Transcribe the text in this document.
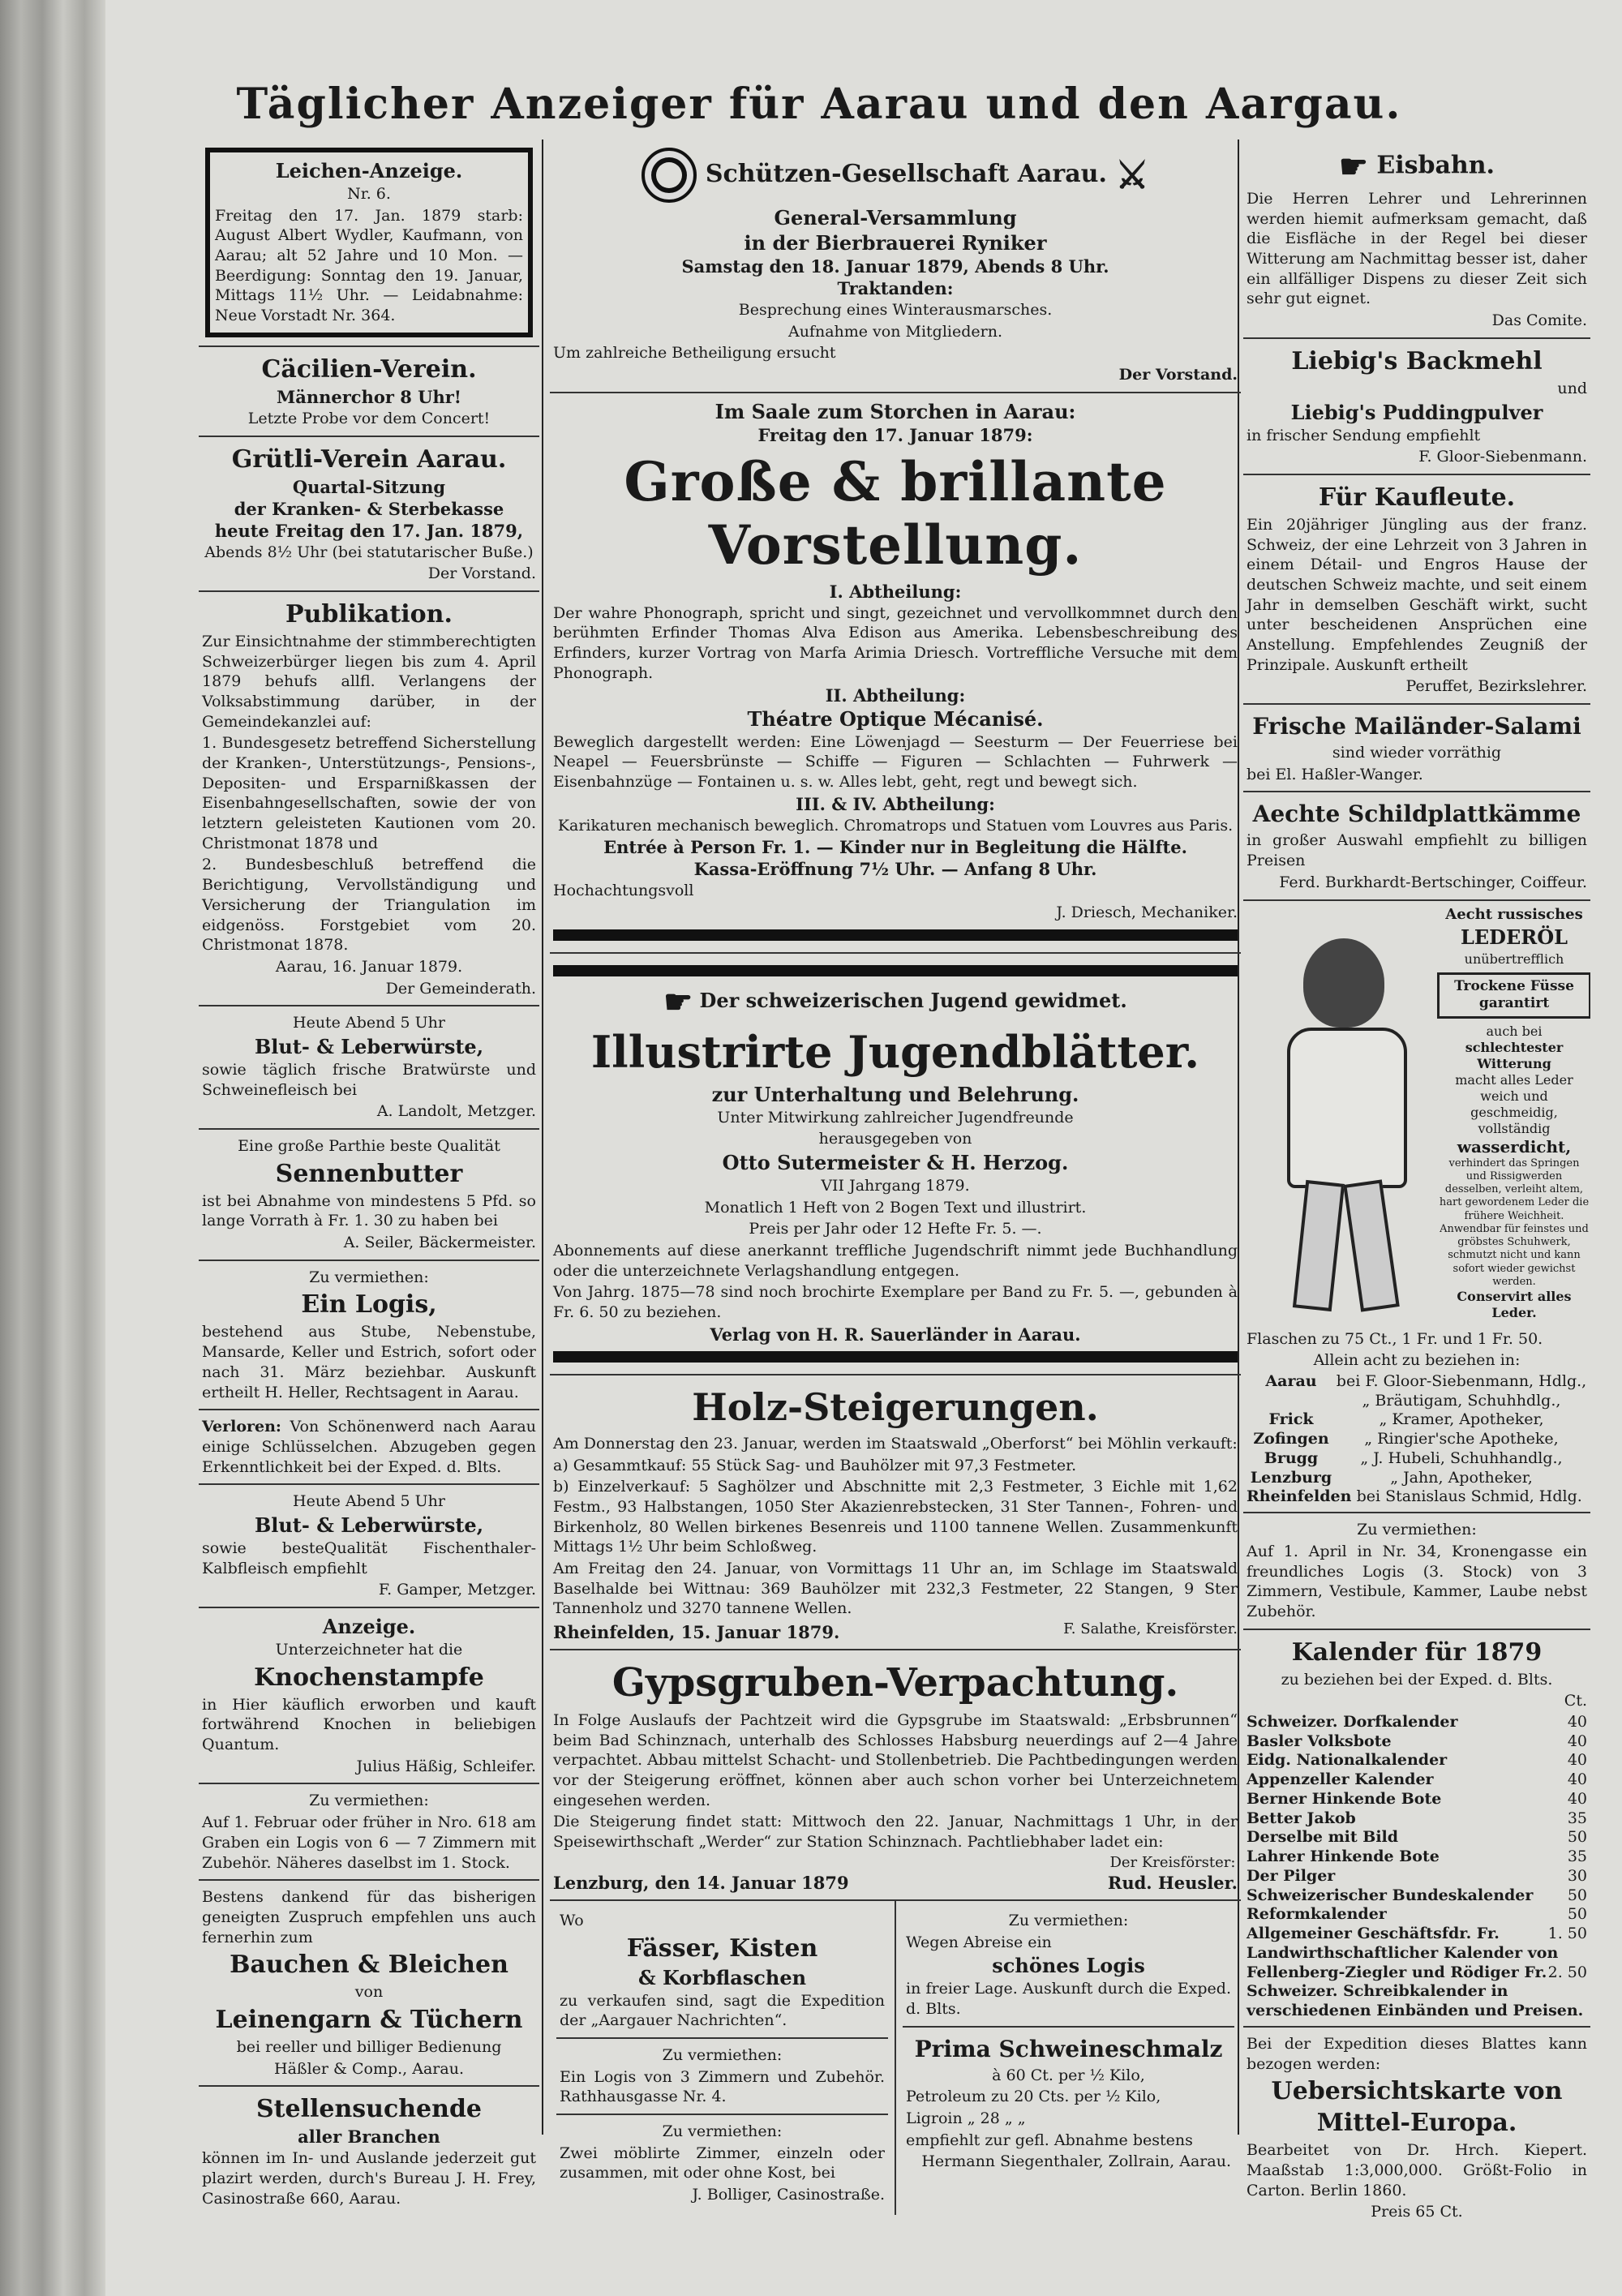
Täglicher Anzeiger für Aarau und den Aargau.
Leichen-Anzeige.

Nr. 6.

Freitag den 17. Jan. 1879 starb: August Albert Wydler, Kaufmann, von Aarau; alt 52 Jahre und 10 Mon. — Beerdigung: Sonntag den 19. Januar, Mittags 11½ Uhr. — Leidabnahme: Neue Vorstadt Nr. 364.

Cäcilien-Verein.
Männerchor 8 Uhr!

Letzte Probe vor dem Concert!

Grütli-Verein Aarau.
Quartal-Sitzung
der Kranken- & Sterbekasse
heute Freitag den 17. Jan. 1879,

Abends 8½ Uhr (bei statutarischer Buße.)

Der Vorstand.

Publikation.

Zur Einsichtnahme der stimmberechtigten Schweizerbürger liegen bis zum 4. April 1879 behufs allfl. Verlangens der Volksabstimmung darüber, in der Gemeindekanzlei auf:

1. Bundesgesetz betreffend Sicherstellung der Kranken-, Unterstützungs-, Pensions-, Depositen- und Ersparnißkassen der Eisenbahngesellschaften, sowie der von letztern geleisteten Kautionen vom 20. Christmonat 1878 und

2. Bundesbeschluß betreffend die Berichtigung, Vervollständigung und Versicherung der Triangulation im eidgenöss. Forstgebiet vom 20. Christmonat 1878.

Aarau, 16. Januar 1879.

Der Gemeinderath.

Heute Abend 5 Uhr

Blut- & Leberwürste,

sowie täglich frische Bratwürste und Schweinefleisch bei

A. Landolt, Metzger.

Eine große Parthie beste Qualität

Sennenbutter

ist bei Abnahme von mindestens 5 Pfd. so lange Vorrath à Fr. 1. 30 zu haben bei

A. Seiler, Bäckermeister.

Zu vermiethen:

Ein Logis,

bestehend aus Stube, Nebenstube, Mansarde, Keller und Estrich, sofort oder nach 31. März beziehbar. Auskunft ertheilt H. Heller, Rechtsagent in Aarau.

Verloren: Von Schönenwerd nach Aarau einige Schlüsselchen. Abzugeben gegen Erkenntlichkeit bei der Exped. d. Blts.

Heute Abend 5 Uhr

Blut- & Leberwürste,

sowie besteQualität Fischenthaler-Kalbfleisch empfiehlt

F. Gamper, Metzger.

Anzeige.

Unterzeichneter hat die

Knochenstampfe

in Hier käuflich erworben und kauft fortwährend Knochen in beliebigen Quantum.

Julius Häßig, Schleifer.

Zu vermiethen:

Auf 1. Februar oder früher in Nro. 618 am Graben ein Logis von 6 — 7 Zimmern mit Zubehör. Näheres daselbst im 1. Stock.

Bestens dankend für das bisherigen geneigten Zuspruch empfehlen uns auch fernerhin zum

Bauchen & Bleichen

von

Leinengarn & Tüchern

bei reeller und billiger Bedienung

Häßler & Comp., Aarau.

Stellensuchende
aller Branchen

können im In- und Auslande jederzeit gut plazirt werden, durch's Bureau J. H. Frey, Casinostraße 660, Aarau.

Schützen-Gesellschaft Aarau. ⚔
General-Versammlung
in der Bierbrauerei Ryniker
Samstag den 18. Januar 1879, Abends 8 Uhr.
Traktanden:

Besprechung eines Winterausmarsches.

Aufnahme von Mitgliedern.

Um zahlreiche Betheiligung ersucht

Der Vorstand.

Im Saale zum Storchen in Aarau:
Freitag den 17. Januar 1879:
Große & brillante Vorstellung.
I. Abtheilung:

Der wahre Phonograph, spricht und singt, gezeichnet und vervollkommnet durch den berühmten Erfinder Thomas Alva Edison aus Amerika. Lebensbeschreibung des Erfinders, kurzer Vortrag von Marfa Arimia Driesch. Vortreffliche Versuche mit dem Phonograph.

II. Abtheilung:
Théatre Optique Mécanisé.

Beweglich dargestellt werden: Eine Löwenjagd — Seesturm — Der Feuerriese bei Neapel — Feuersbrünste — Schiffe — Figuren — Schlachten — Fuhrwerk — Eisenbahnzüge — Fontainen u. s. w. Alles lebt, geht, regt und bewegt sich.

III. & IV. Abtheilung:

Karikaturen mechanisch beweglich. Chromatrops und Statuen vom Louvres aus Paris.

Entrée à Person Fr. 1. — Kinder nur in Begleitung die Hälfte.
Kassa-Eröffnung 7½ Uhr. — Anfang 8 Uhr.

Hochachtungsvoll

J. Driesch, Mechaniker.

☛ Der schweizerischen Jugend gewidmet.
Illustrirte Jugendblätter.
zur Unterhaltung und Belehrung.

Unter Mitwirkung zahlreicher Jugendfreunde

herausgegeben von

Otto Sutermeister & H. Herzog.

VII Jahrgang 1879.

Monatlich 1 Heft von 2 Bogen Text und illustrirt.

Preis per Jahr oder 12 Hefte Fr. 5. —.

Abonnements auf diese anerkannt treffliche Jugendschrift nimmt jede Buchhandlung oder die unterzeichnete Verlagshandlung entgegen.

Von Jahrg. 1875—78 sind noch brochirte Exemplare per Band zu Fr. 5. —, gebunden à Fr. 6. 50 zu beziehen.

Verlag von H. R. Sauerländer in Aarau.
Holz-Steigerungen.

Am Donnerstag den 23. Januar, werden im Staatswald „Oberforst“ bei Möhlin verkauft:

a) Gesammtkauf: 55 Stück Sag- und Bauhölzer mit 97,3 Festmeter.

b) Einzelverkauf: 5 Saghölzer und Abschnitte mit 2,3 Festmeter, 3 Eichle mit 1,62 Festm., 93 Halbstangen, 1050 Ster Akazienrebstecken, 31 Ster Tannen-, Fohren- und Birkenholz, 80 Wellen birkenes Besenreis und 1100 tannene Wellen. Zusammenkunft Mittags 1½ Uhr beim Schloßweg.

Am Freitag den 24. Januar, von Vormittags 11 Uhr an, im Schlage im Staatswald Baselhalde bei Wittnau: 369 Bauhölzer mit 232,3 Festmeter, 22 Stangen, 9 Ster Tannenholz und 3270 tannene Wellen.

Rheinfelden, 15. Januar 1879.	F. Salathe, Kreisförster.
Gypsgruben-Verpachtung.

In Folge Auslaufs der Pachtzeit wird die Gypsgrube im Staatswald: „Erbsbrunnen“ beim Bad Schinznach, unterhalb des Schlosses Habsburg neuerdings auf 2—4 Jahre verpachtet. Abbau mittelst Schacht- und Stollenbetrieb. Die Pachtbedingungen werden vor der Steigerung eröffnet, können aber auch schon vorher bei Unterzeichnetem eingesehen werden.

Die Steigerung findet statt: Mittwoch den 22. Januar, Nachmittags 1 Uhr, in der Speisewirthschaft „Werder“ zur Station Schinznach. Pachtliebhaber ladet ein:

Lenzburg, den 14. Januar 1879
Der Kreisförster:
Rud. Heusler.

Wo

Fässer, Kisten
& Korbflaschen

zu verkaufen sind, sagt die Expedition der „Aargauer Nachrichten“.

Zu vermiethen:

Ein Logis von 3 Zimmern und Zubehör. Rathhausgasse Nr. 4.

Zu vermiethen:

Zwei möblirte Zimmer, einzeln oder zusammen, mit oder ohne Kost, bei

J. Bolliger, Casinostraße.

Zu vermiethen:

Wegen Abreise ein

schönes Logis

in freier Lage. Auskunft durch die Exped. d. Blts.

Prima Schweineschmalz

à 60 Ct. per ½ Kilo,

Petroleum zu 20 Cts. per ½ Kilo,

Ligroin „ 28 „ „

empfiehlt zur gefl. Abnahme bestens

Hermann Siegenthaler, Zollrain, Aarau.

☛ Eisbahn.

Die Herren Lehrer und Lehrerinnen werden hiemit aufmerksam gemacht, daß die Eisfläche in der Regel bei dieser Witterung am Nachmittag besser ist, daher ein allfälliger Dispens zu dieser Zeit sich sehr gut eignet.

Das Comite.

Liebig's Backmehl

und

Liebig's Puddingpulver

in frischer Sendung empfiehlt

F. Gloor-Siebenmann.

Für Kaufleute.

Ein 20jähriger Jüngling aus der franz. Schweiz, der eine Lehrzeit von 3 Jahren in einem Détail- und Engros Hause der deutschen Schweiz machte, und seit einem Jahr in demselben Geschäft wirkt, sucht unter bescheidenen Ansprüchen eine Anstellung. Empfehlendes Zeugniß der Prinzipale. Auskunft ertheilt

Peruffet, Bezirkslehrer.

Frische Mailänder-Salami

sind wieder vorräthig

bei El. Haßler-Wanger.

Aechte Schildplattkämme

in großer Auswahl empfiehlt zu billigen Preisen

Ferd. Burkhardt-Bertschinger, Coiffeur.

Aecht russisches
LEDERÖL
unübertrefflich
Trockene Füsse garantirt
auch bei
schlechtester Witterung
macht alles Leder weich und geschmeidig, vollständig
wasserdicht,
verhindert das Springen und Rissigwerden desselben, verleiht altem, hart gewordenem Leder die frühere Weichheit. Anwendbar für feinstes und gröbstes Schuhwerk, schmutzt nicht und kann sofort wieder gewichst werden.
Conservirt alles Leder.

Flaschen zu 75 Ct., 1 Fr. und 1 Fr. 50.

Allein acht zu beziehen in:

Aarau	bei F. Gloor-Siebenmann, Hdlg.,
„ Bräutigam, Schuhhdlg.,
Frick	„ Kramer, Apotheker,
Zofingen	„ Ringier'sche Apotheke,
Brugg	„ J. Hubeli, Schuhhandlg.,
Lenzburg	„ Jahn, Apotheker,
Rheinfelden bei Stanislaus Schmid, Hdlg.

Zu vermiethen:

Auf 1. April in Nr. 34, Kronengasse ein freundliches Logis (3. Stock) von 3 Zimmern, Vestibule, Kammer, Laube nebst Zubehör.

Kalender für 1879

zu beziehen bei der Exped. d. Blts.

Ct.

Schweizer. Dorfkalender	40
Basler Volksbote	40
Eidg. Nationalkalender	40
Appenzeller Kalender	40
Berner Hinkende Bote	40
Better Jakob	35
Derselbe mit Bild	50
Lahrer Hinkende Bote	35
Der Pilger	30
Schweizerischer Bundeskalender 50
Reformkalender	50
Allgemeiner Geschäftsfdr. Fr.	1. 50
Landwirthschaftlicher Kalender von
Fellenberg-Ziegler und Rödiger Fr. 2. 50
Schweizer. Schreibkalender in verschiedenen Einbänden und Preisen.

Bei der Expedition dieses Blattes kann bezogen werden:

Uebersichtskarte von
Mittel-Europa.

Bearbeitet von Dr. Hrch. Kiepert. Maaßstab 1:3,000,000. Größt-Folio in Carton. Berlin 1860.

Preis 65 Ct.
